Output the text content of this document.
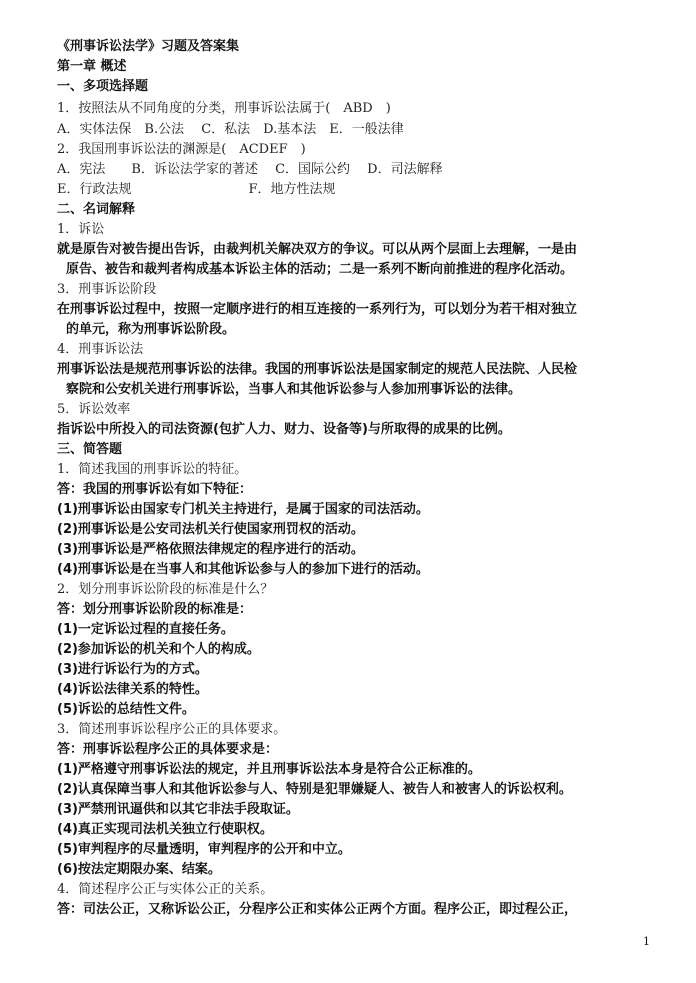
《刑事诉讼法学》习题及答案集
第一章 概述
一、多项选择题
1．按照法从不同角度的分类，刑事诉讼法属于(　ABD　)
A．实体法保　B.公法　 C．私法　D.基本法　E．一般法律
2．我国刑事诉讼法的渊源是(　ACDEF　)
A．宪法　　B．诉讼法学家的著述　 C．国际公约　 D．司法解释
E．行政法规　　　　　　　　　F．地方性法规
二、名词解释
1．诉讼
就是原告对被告提出告诉，由裁判机关解决双方的争议。可以从两个层面上去理解，一是由
原告、被告和裁判者构成基本诉讼主体的活动；二是一系列不断向前推进的程序化活动。
3．刑事诉讼阶段
在刑事诉讼过程中，按照一定顺序进行的相互连接的一系列行为，可以划分为若干相对独立
的单元，称为刑事诉讼阶段。
4．刑事诉讼法
刑事诉讼法是规范刑事诉讼的法律。我国的刑事诉讼法是国家制定的规范人民法院、人民检
察院和公安机关进行刑事诉讼，当事人和其他诉讼参与人参加刑事诉讼的法律。
5．诉讼效率
指诉讼中所投入的司法资源(包扩人力、财力、设备等)与所取得的成果的比例。
三、简答题
1．简述我国的刑事诉讼的特征。
答：我国的刑事诉讼有如下特征：
(1)刑事诉讼由国家专门机关主持进行，是属于国家的司法活动。
(2)刑事诉讼是公安司法机关行使国家刑罚权的活动。
(3)刑事诉讼是严格依照法律规定的程序进行的活动。
(4)刑事诉讼是在当事人和其他诉讼参与人的参加下进行的活动。
2．划分刑事诉讼阶段的标准是什么？
答：划分刑事诉讼阶段的标准是：
(1)一定诉讼过程的直接任务。
(2)参加诉讼的机关和个人的构成。
(3)进行诉讼行为的方式。
(4)诉讼法律关系的特性。
(5)诉讼的总结性文件。
3．简述刑事诉讼程序公正的具体要求。
答：刑事诉讼程序公正的具体要求是：
(1)严格遵守刑事诉讼法的规定，并且刑事诉讼法本身是符合公正标准的。
(2)认真保障当事人和其他诉讼参与人、特别是犯罪嫌疑人、被告人和被害人的诉讼权利。
(3)严禁刑讯逼供和以其它非法手段取证。
(4)真正实现司法机关独立行使职权。
(5)审判程序的尽量透明，审判程序的公开和中立。
(6)按法定期限办案、结案。
4．简述程序公正与实体公正的关系。
答：司法公正，又称诉讼公正，分程序公正和实体公正两个方面。程序公正，即过程公正，
1
